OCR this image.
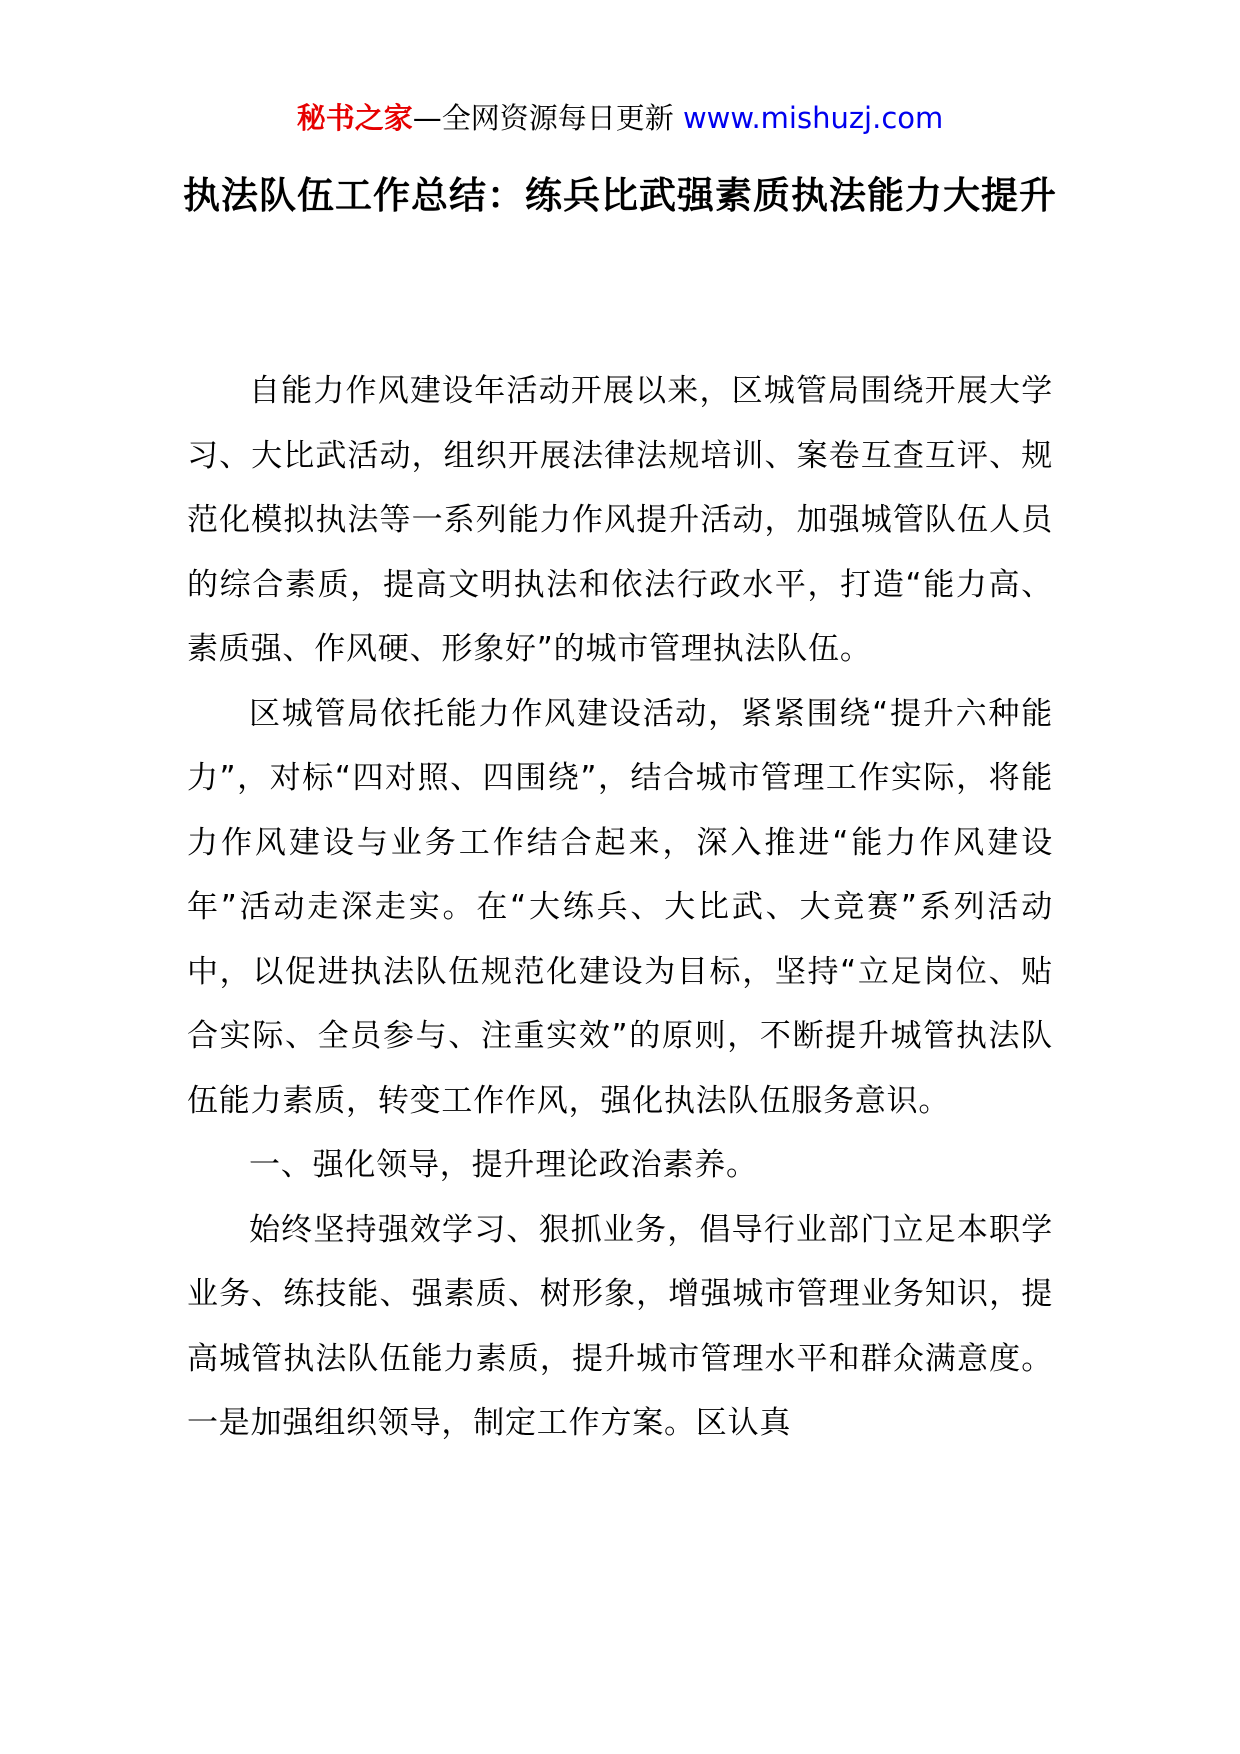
秘书之家—全网资源每日更新 www.mishuzj.com
执法队伍工作总结：练兵比武强素质执法能力大提升

自能力作风建设年活动开展以来，区城管局围绕开展大学习、大比武活动，组织开展法律法规培训、案卷互查互评、规范化模拟执法等一系列能力作风提升活动，加强城管队伍人员的综合素质，提高文明执法和依法行政水平，打造“能力高、素质强、作风硬、形象好”的城市管理执法队伍。

区城管局依托能力作风建设活动，紧紧围绕“提升六种能力”，对标“四对照、四围绕”，结合城市管理工作实际，将能力作风建设与业务工作结合起来，深入推进“能力作风建设年”活动走深走实。在“大练兵、大比武、大竞赛”系列活动中，以促进执法队伍规范化建设为目标，坚持“立足岗位、贴合实际、全员参与、注重实效”的原则，不断提升城管执法队伍能力素质，转变工作作风，强化执法队伍服务意识。

一、强化领导，提升理论政治素养。

始终坚持强效学习、狠抓业务，倡导行业部门立足本职学业务、练技能、强素质、树形象，增强城市管理业务知识，提高城管执法队伍能力素质，提升城市管理水平和群众满意度。一是加强组织领导，制定工作方案。区认真
